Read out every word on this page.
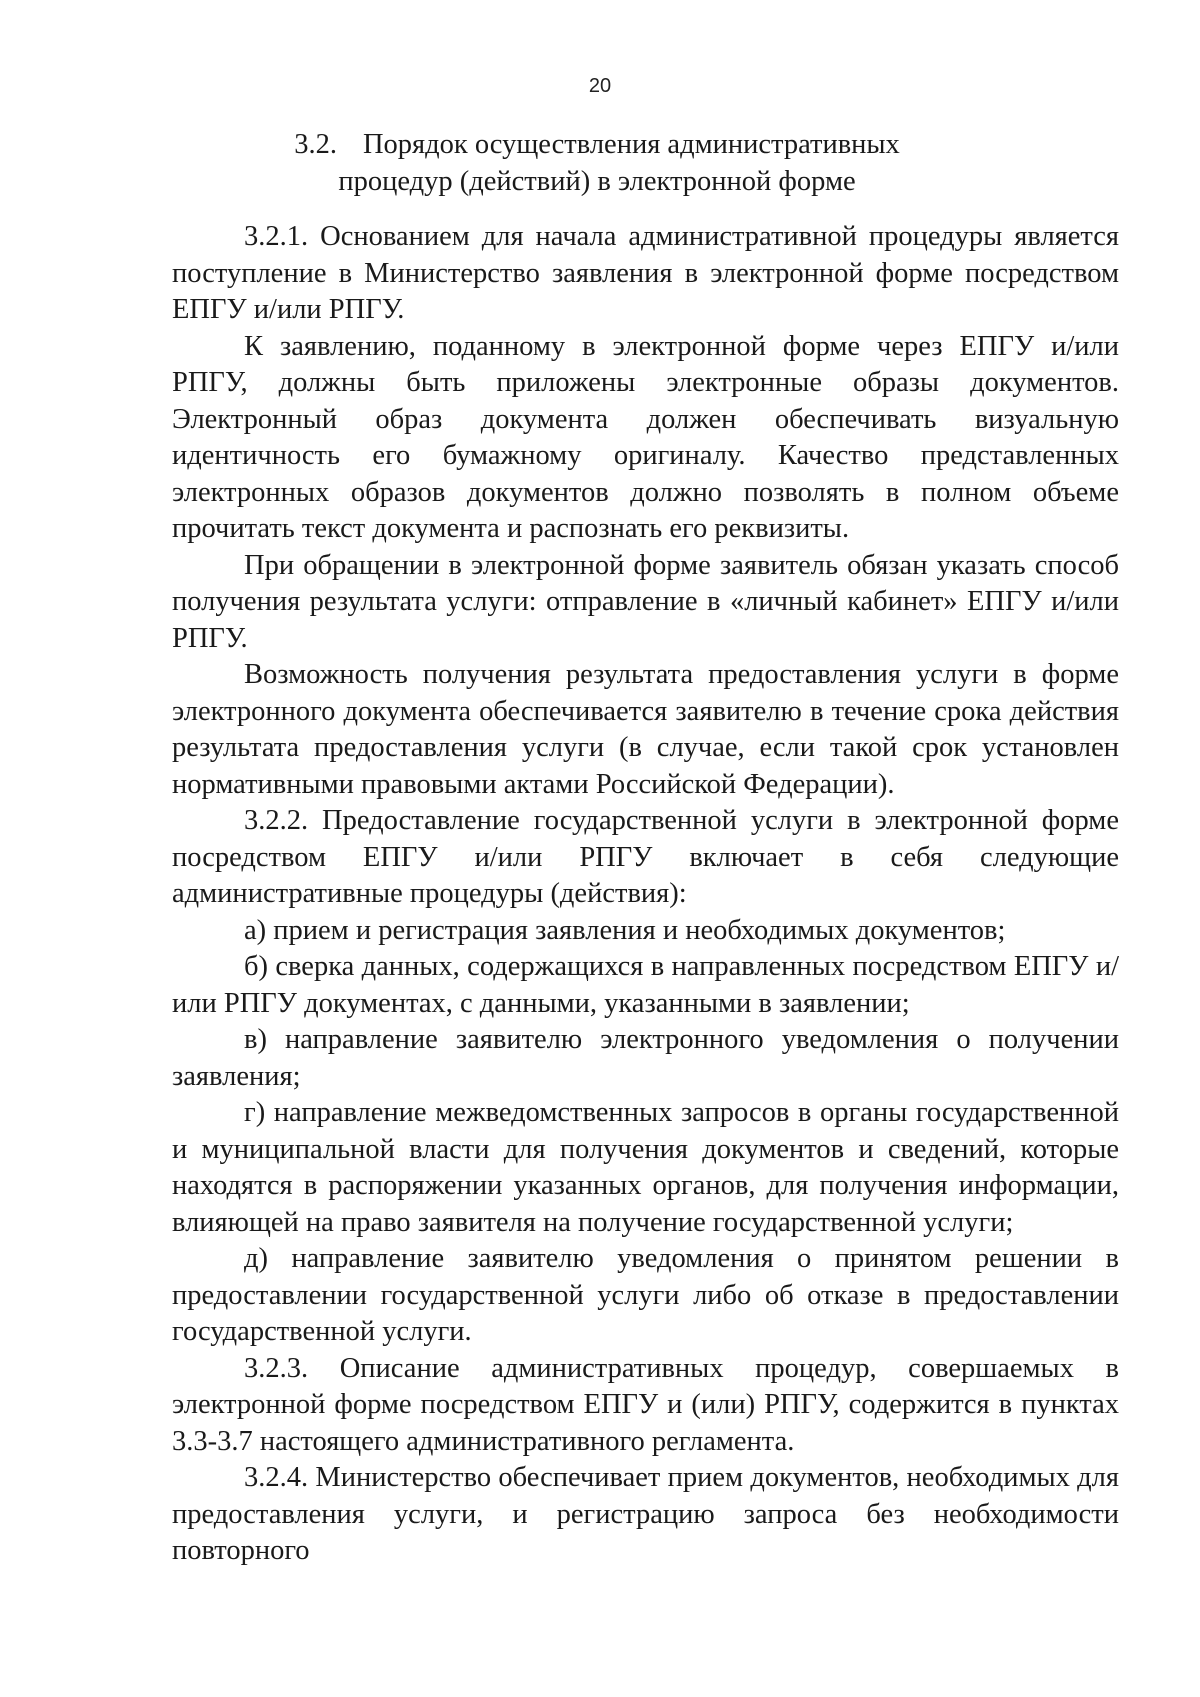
20
3.2. Порядок осуществления административных
процедур (действий) в электронной форме

3.2.1. Основанием для начала административной процедуры является поступление в Министерство заявления в электронной форме посредством ЕПГУ и/или РПГУ.

К заявлению, поданному в электронной форме через ЕПГУ и/или РПГУ, должны быть приложены электронные образы документов. Электронный образ документа должен обеспечивать визуальную идентичность его бумажному оригиналу. Качество представленных электронных образов документов должно позволять в полном объеме прочитать текст документа и распознать его реквизиты.

При обращении в электронной форме заявитель обязан указать способ получения результата услуги: отправление в «личный кабинет» ЕПГУ и/или РПГУ.

Возможность получения результата предоставления услуги в форме электронного документа обеспечивается заявителю в течение срока действия результата предоставления услуги (в случае, если такой срок установлен нормативными правовыми актами Российской Федерации).

3.2.2. Предоставление государственной услуги в электронной форме посредством ЕПГУ и/или РПГУ включает в себя следующие административные процедуры (действия):

а) прием и регистрация заявления и необходимых документов;

б) сверка данных, содержащихся в направленных посредством ЕПГУ и/или РПГУ документах, с данными, указанными в заявлении;

в) направление заявителю электронного уведомления о получении заявления;

г) направление межведомственных запросов в органы государственной и муниципальной власти для получения документов и сведений, которые находятся в распоряжении указанных органов, для получения информации, влияющей на право заявителя на получение государственной услуги;

д) направление заявителю уведомления о принятом решении в предоставлении государственной услуги либо об отказе в предоставлении государственной услуги.

3.2.3. Описание административных процедур, совершаемых в электронной форме посредством ЕПГУ и (или) РПГУ, содержится в пунктах 3.3-3.7 настоящего административного регламента.

3.2.4. Министерство обеспечивает прием документов, необходимых для предоставления услуги, и регистрацию запроса без необходимости повторного
